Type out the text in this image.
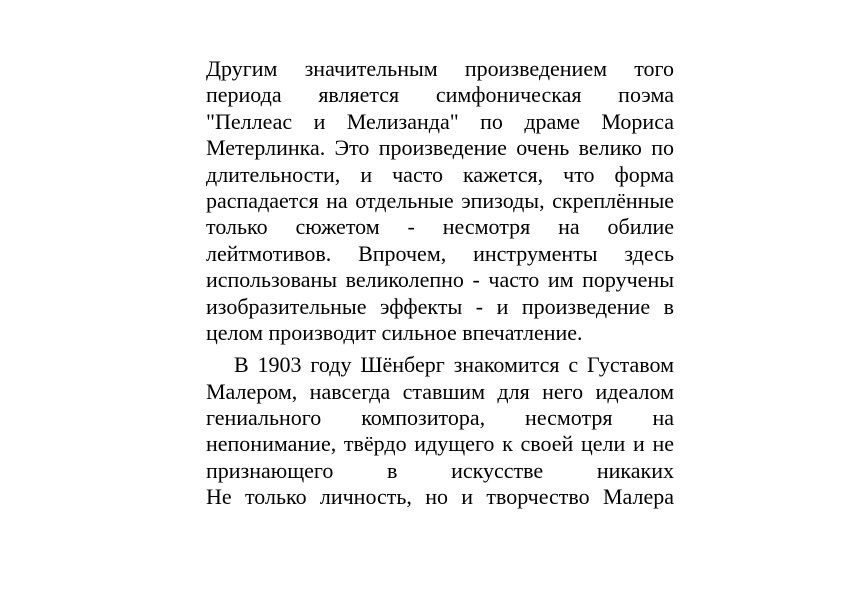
Другим значительным произведением того
периода является симфоническая поэма
"Пеллеас и Мелизанда" по драме Мориса
Метерлинка. Это произведение очень велико по
длительности, и часто кажется, что форма
распадается на отдельные эпизоды, скреплённые
только сюжетом - несмотря на обилие
лейтмотивов. Впрочем, инструменты здесь
использованы великолепно - часто им поручены
изобразительные эффекты - и произведение в
целом производит сильное впечатление.
В 1903 году Шёнберг знакомится с Густавом
Малером, навсегда ставшим для него идеалом
гениального композитора, несмотря на
непонимание, твёрдо идущего к своей цели и не
признающего в искусстве никаких
Не только личность, но и творчество Малера
